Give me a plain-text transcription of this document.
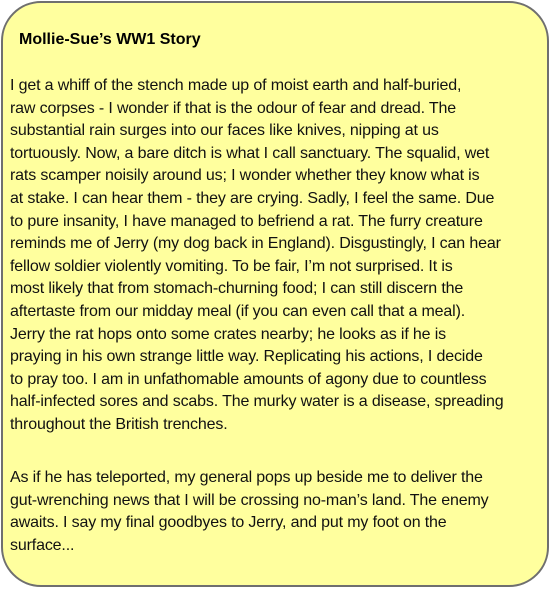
Mollie-Sue’s WW1 Story

I get a whiff of the stench made up of moist earth and half-buried,
raw corpses - I wonder if that is the odour of fear and dread. The
substantial rain surges into our faces like knives, nipping at us
tortuously. Now, a bare ditch is what I call sanctuary. The squalid, wet
rats scamper noisily around us; I wonder whether they know what is
at stake. I can hear them - they are crying. Sadly, I feel the same. Due
to pure insanity, I have managed to befriend a rat. The furry creature
reminds me of Jerry (my dog back in England). Disgustingly, I can hear
fellow soldier violently vomiting. To be fair, I’m not surprised. It is
most likely that from stomach-churning food; I can still discern the
aftertaste from our midday meal (if you can even call that a meal).
Jerry the rat hops onto some crates nearby; he looks as if he is
praying in his own strange little way. Replicating his actions, I decide
to pray too. I am in unfathomable amounts of agony due to countless
half-infected sores and scabs. The murky water is a disease, spreading
throughout the British trenches.

As if he has teleported, my general pops up beside me to deliver the
gut-wrenching news that I will be crossing no-man’s land. The enemy
awaits. I say my final goodbyes to Jerry, and put my foot on the
surface...
